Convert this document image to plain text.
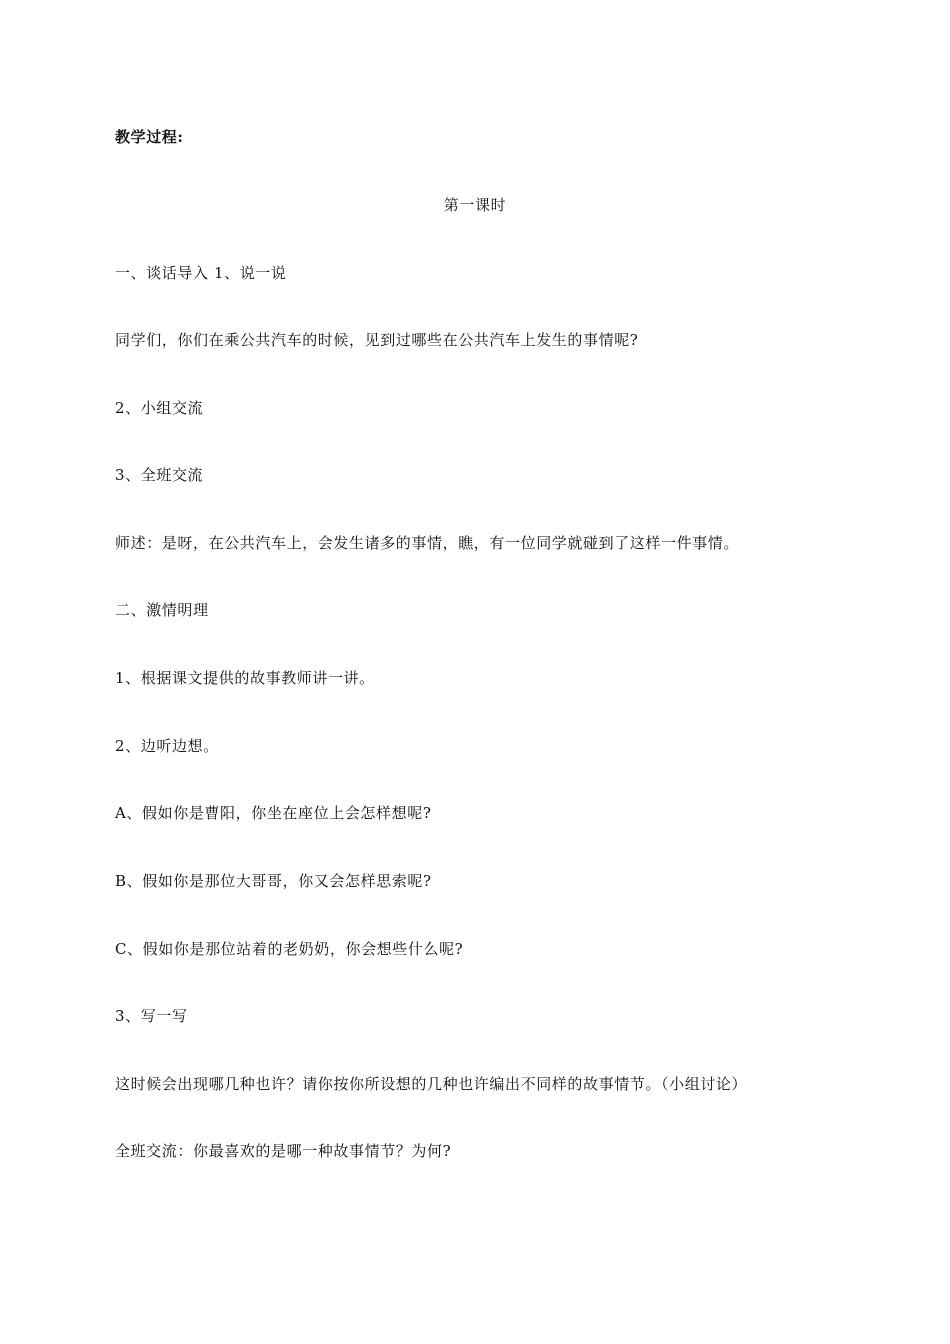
教学过程:
第一课时
一、谈话导入 1、说一说
同学们，你们在乘公共汽车的时候，见到过哪些在公共汽车上发生的事情呢?
2、小组交流
3、全班交流
师述：是呀，在公共汽车上，会发生诸多的事情，瞧，有一位同学就碰到了这样一件事情。
二、激情明理
1、根据课文提供的故事教师讲一讲。
2、边听边想。
A、假如你是曹阳，你坐在座位上会怎样想呢?
B、假如你是那位大哥哥，你又会怎样思索呢?
C、假如你是那位站着的老奶奶，你会想些什么呢?
3、写一写
这时候会出现哪几种也许？请你按你所设想的几种也许编出不同样的故事情节。（小组讨论）
全班交流：你最喜欢的是哪一种故事情节？为何?
